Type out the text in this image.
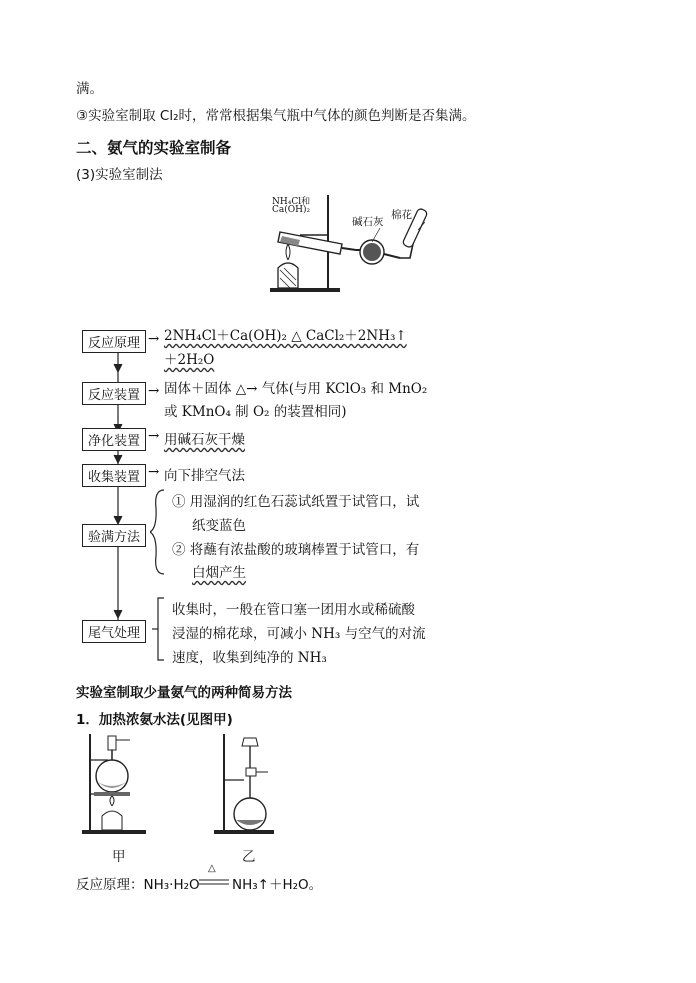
满。
③实验室制取 Cl₂时，常常根据集气瓶中气体的颜色判断是否集满。
二、氨气的实验室制备
(3)实验室制法
NH₄Cl和
Ca(OH)₂
碱石灰
棉花
反应原理 → 2NH₄Cl＋Ca(OH)₂ △ CaCl₂＋2NH₃↑
＋2H₂O
反应装置 → 固体＋固体 △→ 气体(与用 KClO₃ 和 MnO₂
或 KMnO₄ 制 O₂ 的装置相同)
净化装置 → 用碱石灰干燥
收集装置 → 向下排空气法
验满方法
① 用湿润的红色石蕊试纸置于试管口，试
纸变蓝色
② 将蘸有浓盐酸的玻璃棒置于试管口，有
白烟产生
尾气处理
收集时，一般在管口塞一团用水或稀硫酸
浸湿的棉花球，可减小 NH₃ 与空气的对流
速度，收集到纯净的 NH₃
实验室制取少量氨气的两种简易方法
1．加热浓氨水法(见图甲)
甲	乙
反应原理：NH₃·H₂O
△
NH₃↑＋H₂O。
